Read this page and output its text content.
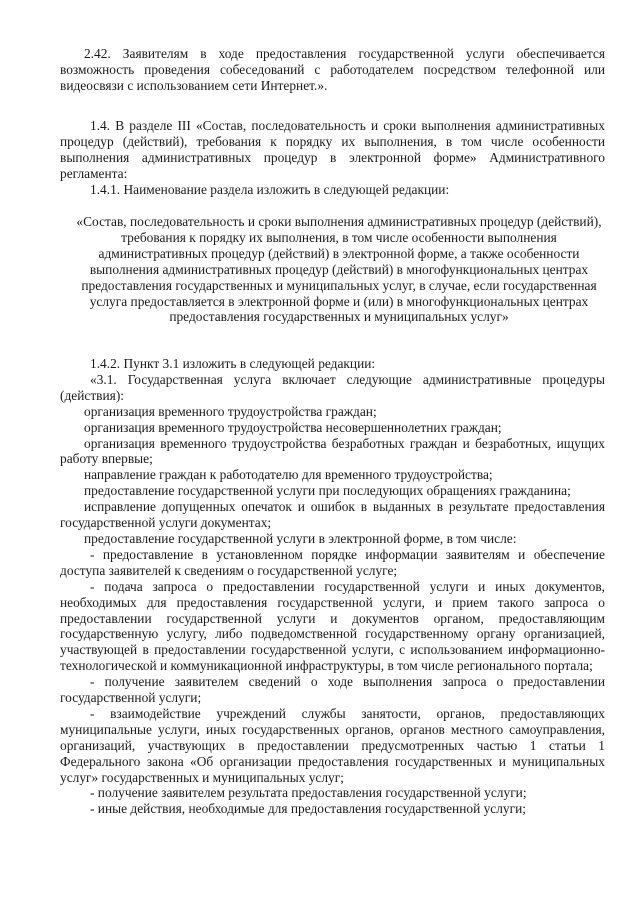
2.42. Заявителям в ходе предоставления государственной услуги обеспечивается возможность проведения собеседований с работодателем посредством телефонной или видеосвязи с использованием сети Интернет.».

1.4. В разделе III «Состав, последовательность и сроки выполнения административных процедур (действий), требования к порядку их выполнения, в том числе особенности выполнения административных процедур в электронной форме» Административного регламента:

1.4.1. Наименование раздела изложить в следующей редакции:

«Состав, последовательность и сроки выполнения административных процедур (действий), требования к порядку их выполнения, в том числе особенности выполнения административных процедур (действий) в электронной форме, а также особенности выполнения административных процедур (действий) в многофункциональных центрах предоставления государственных и муниципальных услуг, в случае, если государственная услуга предоставляется в электронной форме и (или) в многофункциональных центрах предоставления государственных и муниципальных услуг»

1.4.2. Пункт 3.1 изложить в следующей редакции:

«3.1. Государственная услуга включает следующие административные процедуры (действия):

организация временного трудоустройства граждан;

организация временного трудоустройства несовершеннолетних граждан;

организация временного трудоустройства безработных граждан и безработных, ищущих работу впервые;

направление граждан к работодателю для временного трудоустройства;

предоставление государственной услуги при последующих обращениях гражданина;

исправление допущенных опечаток и ошибок в выданных в результате предоставления государственной услуги документах;

предоставление государственной услуги в электронной форме, в том числе:

- предоставление в установленном порядке информации заявителям и обеспечение доступа заявителей к сведениям о государственной услуге;

- подача запроса о предоставлении государственной услуги и иных документов, необходимых для предоставления государственной услуги, и прием такого запроса о предоставлении государственной услуги и документов органом, предоставляющим государственную услугу, либо подведомственной государственному органу организацией, участвующей в предоставлении государственной услуги, с использованием информационно-технологической и коммуникационной инфраструктуры, в том числе регионального портала;

- получение заявителем сведений о ходе выполнения запроса о предоставлении государственной услуги;

- взаимодействие учреждений службы занятости, органов, предоставляющих муниципальные услуги, иных государственных органов, органов местного самоуправления, организаций, участвующих в предоставлении предусмотренных частью 1 статьи 1 Федерального закона «Об организации предоставления государственных и муниципальных услуг» государственных и муниципальных услуг;

- получение заявителем результата предоставления государственной услуги;

- иные действия, необходимые для предоставления государственной услуги;
